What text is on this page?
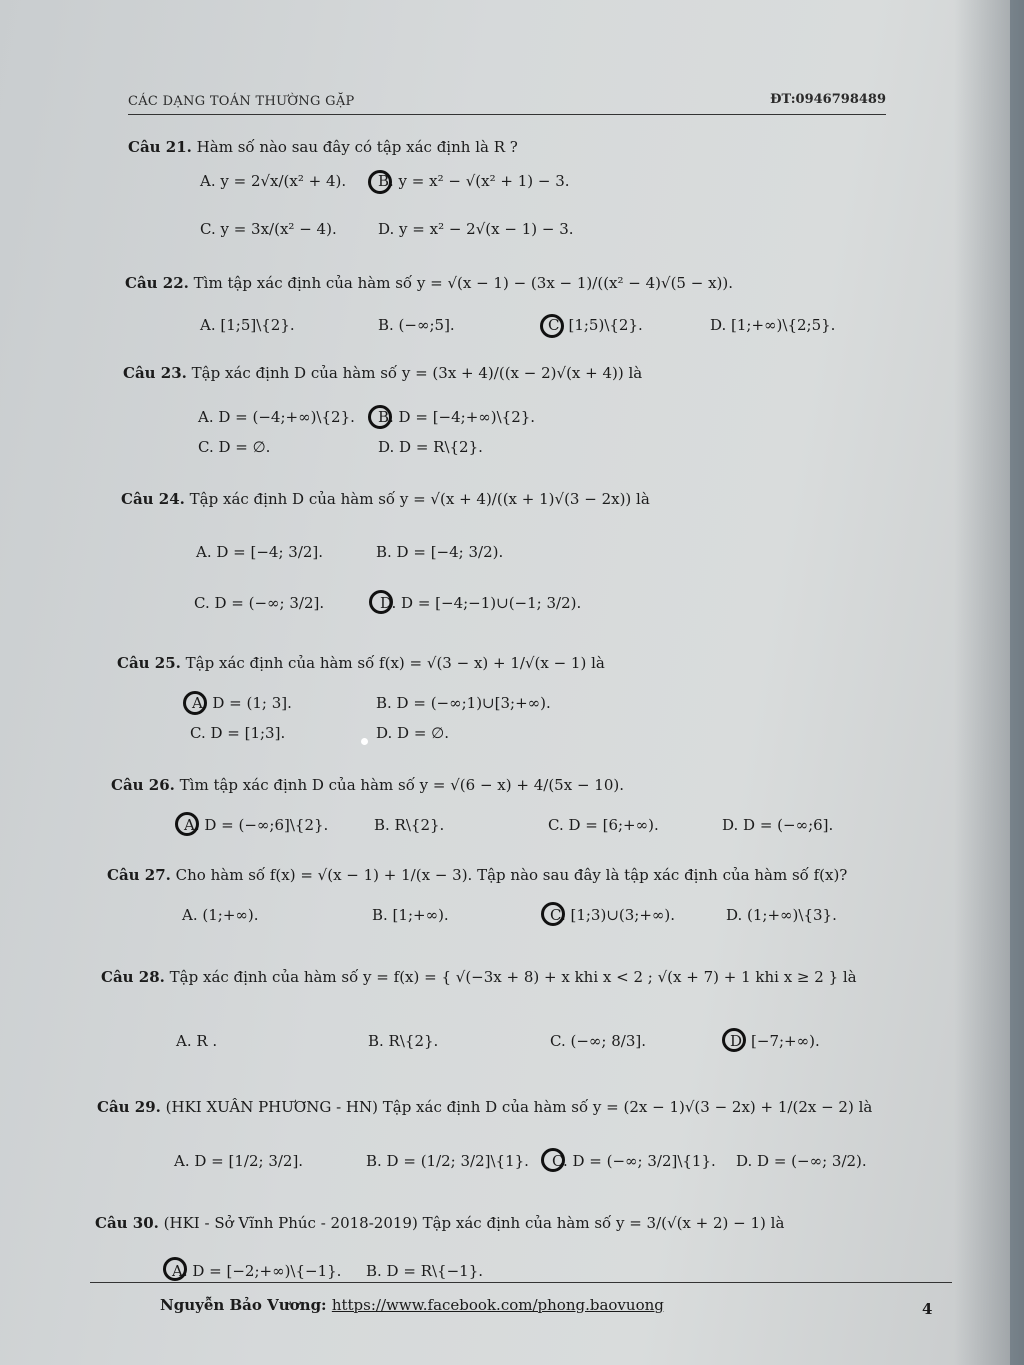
CÁC DẠNG TOÁN THƯỜNG GẶP	ĐT:0946798489
Câu 21. Hàm số nào sau đây có tập xác định là R ?
A. y = 2√x/(x² + 4). B. y = x² − √(x² + 1) − 3.
C. y = 3x/(x² − 4).	D. y = x² − 2√(x − 1) − 3.
Câu 22. Tìm tập xác định của hàm số y = √(x − 1) − (3x − 1)/((x² − 4)√(5 − x)).
A. [1;5]\{2}.	B. (−∞;5].	C. [1;5)\{2}.	D. [1;+∞)\{2;5}.
Câu 23. Tập xác định D của hàm số y = (3x + 4)/((x − 2)√(x + 4)) là
A. D = (−4;+∞)\{2}. B. D = [−4;+∞)\{2}.
C. D = ∅.	D. D = R\{2}.
Câu 24. Tập xác định D của hàm số y = √(x + 4)/((x + 1)√(3 − 2x)) là
A. D = [−4; 3/2].	B. D = [−4; 3/2).
C. D = (−∞; 3/2].	D. D = [−4;−1)∪(−1; 3/2).
Câu 25. Tập xác định của hàm số f(x) = √(3 − x) + 1/√(x − 1) là
A. D = (1; 3].	B. D = (−∞;1)∪[3;+∞).
C. D = [1;3].	D. D = ∅.
Câu 26. Tìm tập xác định D của hàm số y = √(6 − x) + 4/(5x − 10).
A. D = (−∞;6]\{2}.	B. R\{2}.	C. D = [6;+∞).	D. D = (−∞;6].
Câu 27. Cho hàm số f(x) = √(x − 1) + 1/(x − 3). Tập nào sau đây là tập xác định của hàm số f(x)?
A. (1;+∞).	B. [1;+∞).	C. [1;3)∪(3;+∞).	D. (1;+∞)\{3}.
Câu 28. Tập xác định của hàm số y = f(x) = { √(−3x + 8) + x khi x < 2 ; √(x + 7) + 1 khi x ≥ 2 } là
A. R .	B. R\{2}.	C. (−∞; 8/3].	D. [−7;+∞).
Câu 29. (HKI XUÂN PHƯƠNG - HN) Tập xác định D của hàm số y = (2x − 1)√(3 − 2x) + 1/(2x − 2) là
A. D = [1/2; 3/2].	B. D = (1/2; 3/2]\{1}. C. D = (−∞; 3/2]\{1}. D. D = (−∞; 3/2).
Câu 30. (HKI - Sở Vĩnh Phúc - 2018-2019) Tập xác định của hàm số y = 3/(√(x + 2) − 1) là
A. D = [−2;+∞)\{−1}. B. D = R\{−1}.
Nguyễn Bảo Vương: https://www.facebook.com/phong.baovuong	4
